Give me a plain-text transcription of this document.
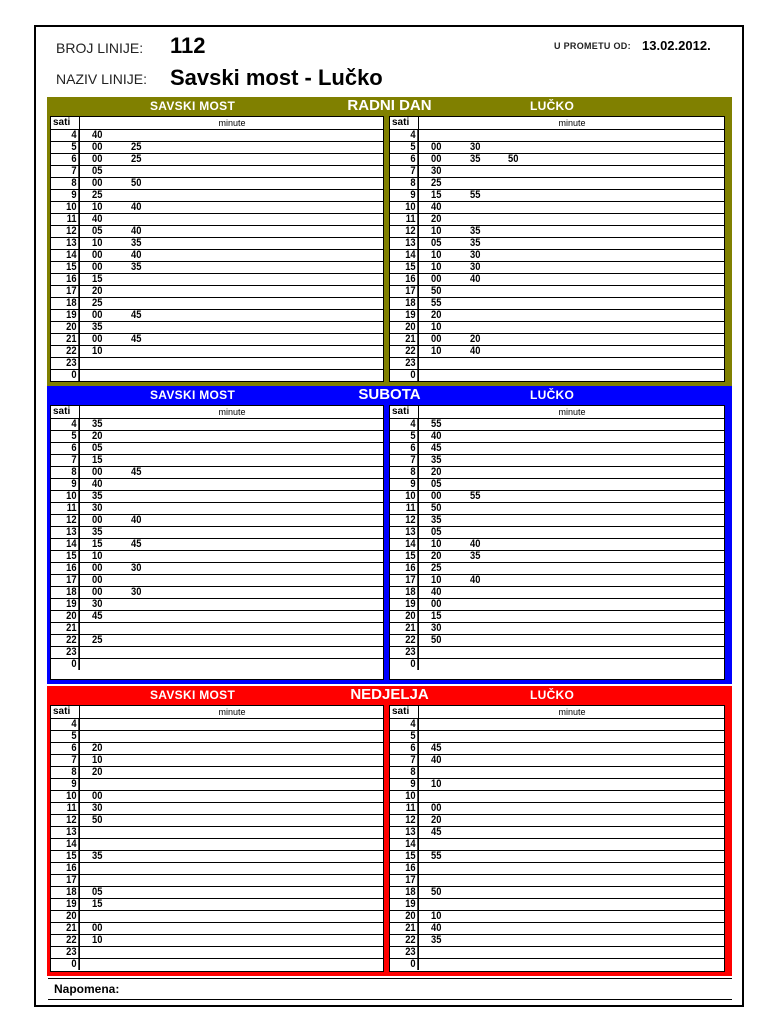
BROJ LINIJE: 112	U PROMETU OD: 13.02.2012.
NAZIV LINIJE: Savski most - Lučko
SAVSKI MOST	RADNI DAN	LUČKO
sati	minute
4	40
5	00	25
6	00	25
7	05
8	00	50
9	25
10	10	40
11	40
12	05	40
13	10	35
14	00	40
15	00	35
16	15
17	20
18	25
19	00	45
20	35
21	00	45
22	10
23
0
sati	minute
4
5	00	30
6	00	35	50
7	30
8	25
9	15	55
10	40
11	20
12	10	35
13	05	35
14	10	30
15	10	30
16	00	40
17	50
18	55
19	20
20	10
21	00	20
22	10	40
23
0
SAVSKI MOST	SUBOTA	LUČKO
sati	minute
4	35
5	20
6	05
7	15
8	00	45
9	40
10	35
11	30
12	00	40
13	35
14	15	45
15	10
16	00	30
17	00
18	00	30
19	30
20	45
21
22	25
23
0
sati	minute
4	55
5	40
6	45
7	35
8	20
9	05
10	00	55
11	50
12	35
13	05
14	10	40
15	20	35
16	25
17	10	40
18	40
19	00
20	15
21	30
22	50
23
0
SAVSKI MOST	NEDJELJA	LUČKO
sati	minute
4
5
6	20
7	10
8	20
9
10	00
11	30
12	50
13
14
15	35
16
17
18	05
19	15
20
21	00
22	10
23
0
sati	minute
4
5
6	45
7	40
8
9	10
10
11	00
12	20
13	45
14
15	55
16
17
18	50
19
20	10
21	40
22	35
23
0
Napomena:
